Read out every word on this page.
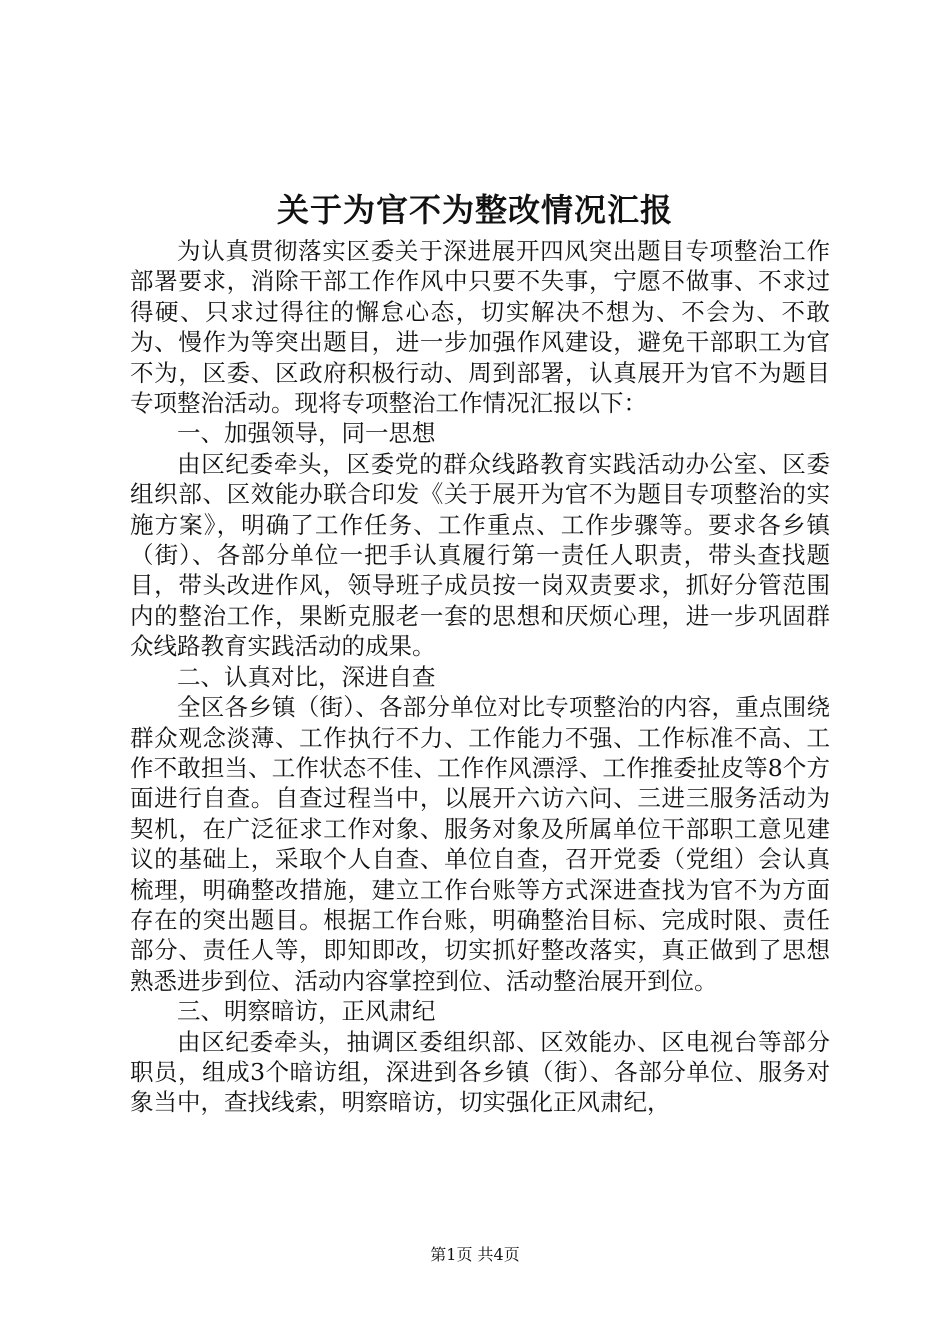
关于为官不为整改情况汇报

为认真贯彻落实区委关于深进展开四风突出题目专项整治工作部署要求，消除干部工作作风中只要不失事，宁愿不做事、不求过得硬、只求过得往的懈怠心态，切实解决不想为、不会为、不敢为、慢作为等突出题目，进一步加强作风建设，避免干部职工为官不为，区委、区政府积极行动、周到部署，认真展开为官不为题目专项整治活动。现将专项整治工作情况汇报以下：

一、加强领导，同一思想

由区纪委牵头，区委党的群众线路教育实践活动办公室、区委组织部、区效能办联合印发《关于展开为官不为题目专项整治的实施方案》，明确了工作任务、工作重点、工作步骤等。要求各乡镇（街）、各部分单位一把手认真履行第一责任人职责，带头查找题目，带头改进作风，领导班子成员按一岗双责要求，抓好分管范围内的整治工作，果断克服老一套的思想和厌烦心理，进一步巩固群众线路教育实践活动的成果。

二、认真对比，深进自查

全区各乡镇（街）、各部分单位对比专项整治的内容，重点围绕群众观念淡薄、工作执行不力、工作能力不强、工作标准不高、工作不敢担当、工作状态不佳、工作作风漂浮、工作推委扯皮等8个方面进行自查。自查过程当中，以展开六访六问、三进三服务活动为契机，在广泛征求工作对象、服务对象及所属单位干部职工意见建议的基础上，采取个人自查、单位自查，召开党委（党组）会认真梳理，明确整改措施，建立工作台账等方式深进查找为官不为方面存在的突出题目。根据工作台账，明确整治目标、完成时限、责任部分、责任人等，即知即改，切实抓好整改落实，真正做到了思想熟悉进步到位、活动内容掌控到位、活动整治展开到位。

三、明察暗访，正风肃纪

由区纪委牵头，抽调区委组织部、区效能办、区电视台等部分职员，组成3个暗访组，深进到各乡镇（街）、各部分单位、服务对象当中，查找线索，明察暗访，切实强化正风肃纪，

第1页 共4页
